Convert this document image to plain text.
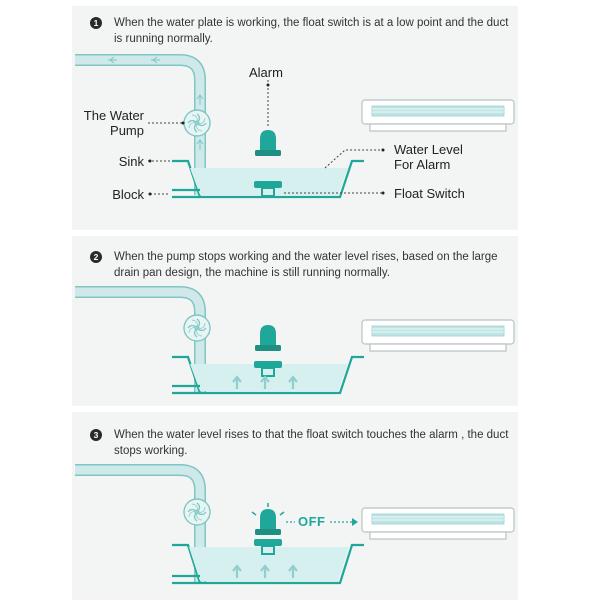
1	When the water plate is working, the float switch is at a low point and the duct is running normally.
2	When the pump stops working and the water level rises, based on the large drain pan design, the machine is still running normally.
3	When the water level rises to that the float switch touches the alarm , the duct stops working.
Alarm
The Water
Pump
Sink
Block
Water Level
For Alarm
Float Switch
OFF
